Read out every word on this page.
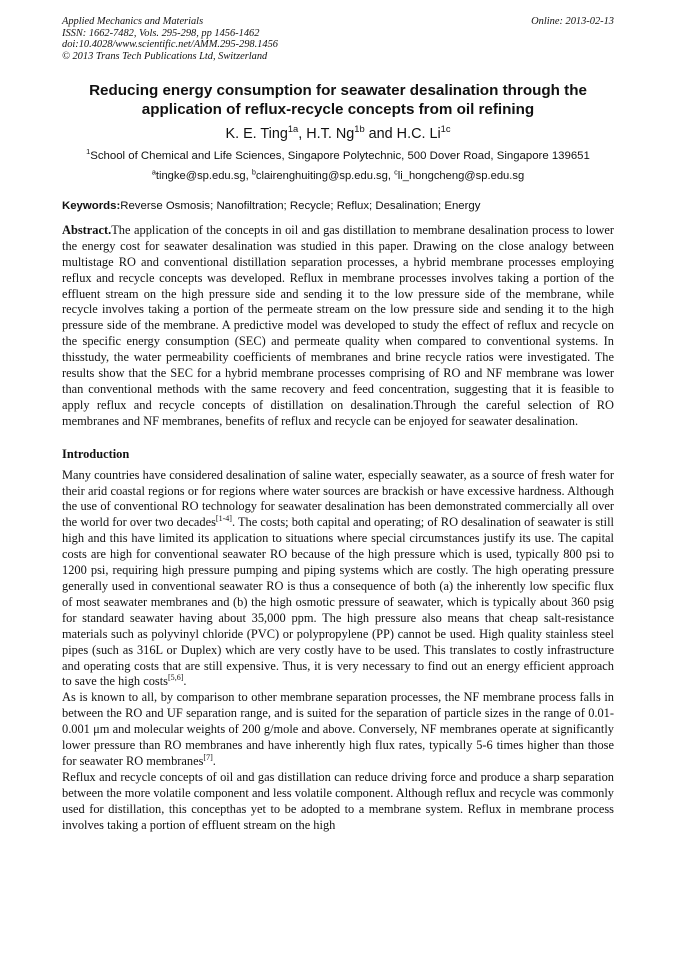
Applied Mechanics and Materials
ISSN: 1662-7482, Vols. 295-298, pp 1456-1462
doi:10.4028/www.scientific.net/AMM.295-298.1456
© 2013 Trans Tech Publications Ltd, Switzerland
Online: 2013-02-13
Reducing energy consumption for seawater desalination through the application of reflux-recycle concepts from oil refining
K. E. Ting$^{1a}$, H.T. $Ng^{1b}$ and H.C. $Li^{1c}$
$^1$School of Chemical and Life Sciences, Singapore Polytechnic, 500 Dover Road, Singapore 139651
$^a$tingke@sp.edu.sg, $^b$clairenghuiting@sp.edu.sg, $^c$li_hongcheng@sp.edu.sg
Keywords:Reverse Osmosis; Nanofiltration; Recycle; Reflux; Desalination; Energy

Abstract.The application of the concepts in oil and gas distillation to membrane desalination process to lower the energy cost for seawater desalination was studied in this paper. Drawing on the close analogy between multistage RO and conventional distillation separation processes, a hybrid membrane processes employing reflux and recycle concepts was developed. Reflux in membrane processes involves taking a portion of the effluent stream on the high pressure side and sending it to the low pressure side of the membrane, while recycle involves taking a portion of the permeate stream on the low pressure side and sending it to the high pressure side of the membrane. A predictive model was developed to study the effect of reflux and recycle on the specific energy consumption (SEC) and permeate quality when compared to conventional systems. In thisstudy, the water permeability coefficients of membranes and brine recycle ratios were investigated. The results show that the SEC for a hybrid membrane processes comprising of RO and NF membrane was lower than conventional methods with the same recovery and feed concentration, suggesting that it is feasible to apply reflux and recycle concepts of distillation on desalination.Through the careful selection of RO membranes and NF membranes, benefits of reflux and recycle can be enjoyed for seawater desalination.

Introduction

Many countries have considered desalination of saline water, especially seawater, as a source of fresh water for their arid coastal regions or for regions where water sources are brackish or have excessive hardness. Although the use of conventional RO technology for seawater desalination has been demonstrated commercially all over the world for over two decades[1-4]. The costs; both capital and operating; of RO desalination of seawater is still high and this have limited its application to situations where special circumstances justify its use. The capital costs are high for conventional seawater RO because of the high pressure which is used, typically 800 psi to 1200 psi, requiring high pressure pumping and piping systems which are costly. The high operating pressure generally used in conventional seawater RO is thus a consequence of both (a) the inherently low specific flux of most seawater membranes and (b) the high osmotic pressure of seawater, which is typically about 360 psig for standard seawater having about 35,000 ppm. The high pressure also means that cheap salt-resistance materials such as polyvinyl chloride (PVC) or polypropylene (PP) cannot be used. High quality stainless steel pipes (such as 316L or Duplex) which are very costly have to be used. This translates to costly infrastructure and operating costs that are still expensive. Thus, it is very necessary to find out an energy efficient approach to save the high costs[5,6].

As is known to all, by comparison to other membrane separation processes, the NF membrane process falls in between the RO and UF separation range, and is suited for the separation of particle sizes in the range of 0.01-0.001 μm and molecular weights of 200 g/mole and above. Conversely, NF membranes operate at significantly lower pressure than RO membranes and have inherently high flux rates, typically 5-6 times higher than those for seawater RO membranes[7].

Reflux and recycle concepts of oil and gas distillation can reduce driving force and produce a sharp separation between the more volatile component and less volatile component. Although reflux and recycle was commonly used for distillation, this concepthas yet to be adopted to a membrane system. Reflux in membrane process involves taking a portion of effluent stream on the high
